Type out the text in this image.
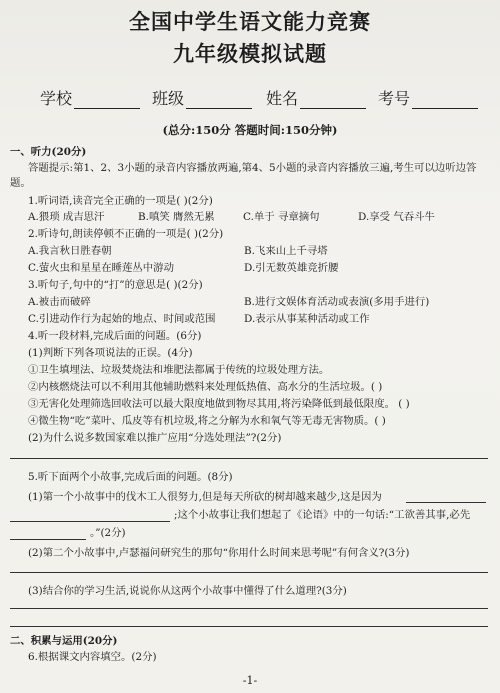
全国中学生语文能力竞赛
九年级模拟试题
学校	班级	姓名	考号
(总分:150分 答题时间:150分钟)
一、听力(20分)
答题提示:第1、2、3小题的录音内容播放两遍,第4、5小题的录音内容播放三遍,考生可以边听边答
题。
1.听词语,读音完全正确的一项是( )(2分)
A.猥琐 成吉思汗	B.嗔笑 膺然无累	C.单于 寻章摘句	D.享受 气吞斗牛
2.听诗句,朗读停顿不正确的一项是( )(2分)
A.我言秋日胜春朝	B.飞来山上千寻塔
C.萤火虫和星星在睡莲丛中游动	D.引无数英雄竞折腰
3.听句子,句中的“打”的意思是( )(2分)
A.被击而破碎	B.进行文娱体育活动或表演(多用手进行)
C.引进动作行为起始的地点、时间或范围	D.表示从事某种活动或工作
4.听一段材料,完成后面的问题。(6分)
(1)判断下列各项说法的正误。(4分)
①卫生填埋法、垃圾焚烧法和堆肥法都属于传统的垃圾处理方法。
②内核燃烧法可以不利用其他辅助燃料来处理低热值、高水分的生活垃圾。( )
③无害化处理筛选回收法可以最大限度地做到物尽其用,将污染降低到最低限度。 ( )
④微生物“吃”菜叶、瓜皮等有机垃圾,将之分解为水和氧气等无毒无害物质。( )
(2)为什么说多数国家难以推广应用“分选处理法”?(2分)
5.听下面两个小故事,完成后面的问题。(8分)
(1)第一个小故事中的伐木工人很努力,但是每天所砍的树却越来越少,这是因为
;这个小故事让我们想起了《论语》中的一句话:“工欲善其事,必先
。”(2分)
(2)第二个小故事中,卢瑟福问研究生的那句“你用什么时间来思考呢”有何含义?(3分)
(3)结合你的学习生活,说说你从这两个小故事中懂得了什么道理?(3分)
二、积累与运用(20分)
6.根据课文内容填空。(2分)
-1-
